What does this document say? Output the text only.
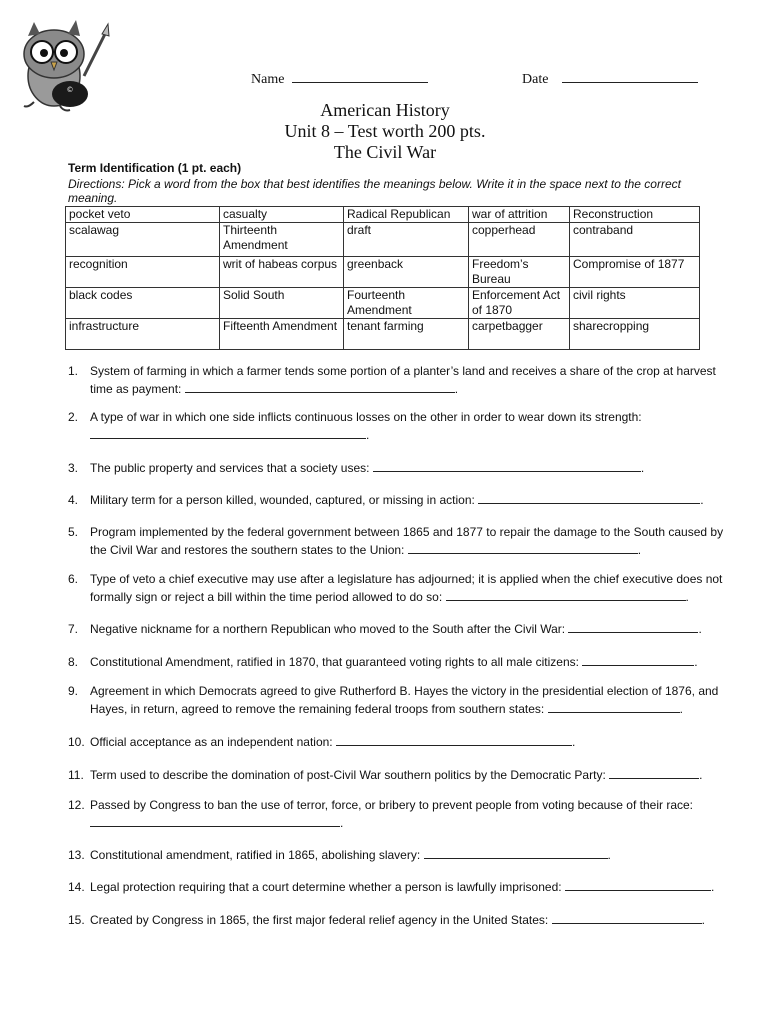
©
Name	Date
American History
Unit 8 – Test worth 200 pts.
The Civil War
Term Identification (1 pt. each)
Directions: Pick a word from the box that best identifies the meanings below. Write it in the space next to the correct meaning.
pocket veto	casualty	Radical Republican	war of attrition	Reconstruction
scalawag	Thirteenth Amendment	draft	copperhead	contraband
recognition	writ of habeas corpus	greenback	Freedom’s Bureau	Compromise of 1877
black codes	Solid South	Fourteenth Amendment	Enforcement Act of 1870	civil rights
infrastructure	Fifteenth Amendment	tenant farming	carpetbagger	sharecropping
1. System of farming in which a farmer tends some portion of a planter’s land and receives a share of the crop at harvest time as payment:	.
2. A type of war in which one side inflicts continuous losses on the other in order to wear down its strength: .
3. The public property and services that a society uses:	.
4. Military term for a person killed, wounded, captured, or missing in action:	.
5. Program implemented by the federal government between 1865 and 1877 to repair the damage to the South caused by the Civil War and restores the southern states to the Union:	.
6. Type of veto a chief executive may use after a legislature has adjourned; it is applied when the chief executive does not formally sign or reject a bill within the time period allowed to do so:	.
7. Negative nickname for a northern Republican who moved to the South after the Civil War:	.
8. Constitutional Amendment, ratified in 1870, that guaranteed voting rights to all male citizens:	.
9. Agreement in which Democrats agreed to give Rutherford B. Hayes the victory in the presidential election of 1876, and Hayes, in return, agreed to remove the remaining federal troops from southern states:	.
10. Official acceptance as an independent nation:	.
11. Term used to describe the domination of post-Civil War southern politics by the Democratic Party:	.
12. Passed by Congress to ban the use of terror, force, or bribery to prevent people from voting because of their race: .
13. Constitutional amendment, ratified in 1865, abolishing slavery:	.
14. Legal protection requiring that a court determine whether a person is lawfully imprisoned:	.
15. Created by Congress in 1865, the first major federal relief agency in the United States:	.
